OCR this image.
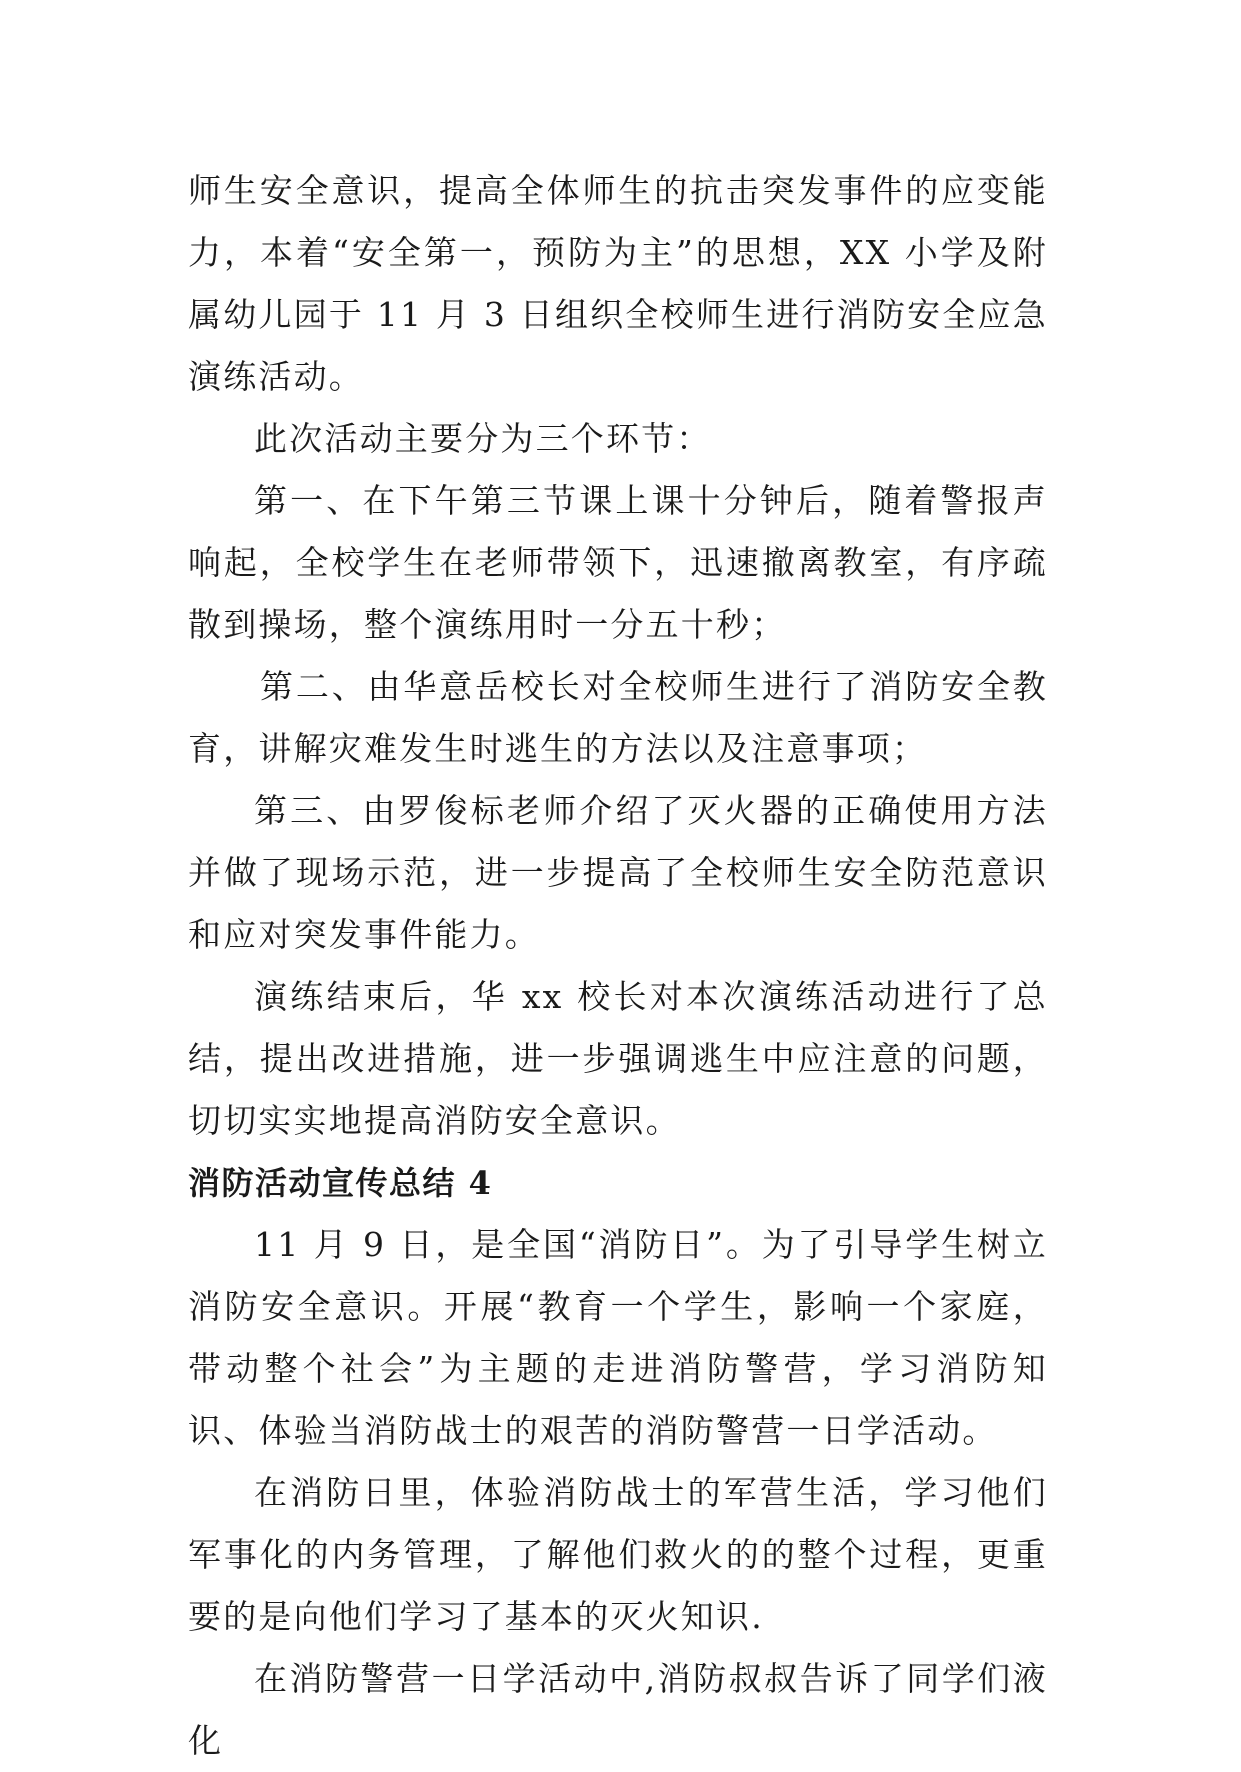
师生安全意识，提高全体师生的抗击突发事件的应变能力，本着“安全第一，预防为主”的思想，XX 小学及附属幼儿园于 11 月 3 日组织全校师生进行消防安全应急演练活动。

此次活动主要分为三个环节：

第一、在下午第三节课上课十分钟后，随着警报声响起，全校学生在老师带领下，迅速撤离教室，有序疏散到操场，整个演练用时一分五十秒；

第二、由华意岳校长对全校师生进行了消防安全教育，讲解灾难发生时逃生的方法以及注意事项；

第三、由罗俊标老师介绍了灭火器的正确使用方法并做了现场示范，进一步提高了全校师生安全防范意识和应对突发事件能力。

演练结束后，华 xx 校长对本次演练活动进行了总结，提出改进措施，进一步强调逃生中应注意的问题，切切实实地提高消防安全意识。

消防活动宣传总结 4

11 月 9 日，是全国“消防日”。为了引导学生树立消防安全意识。开展“教育一个学生，影响一个家庭，带动整个社会”为主题的走进消防警营，学习消防知识、体验当消防战士的艰苦的消防警营一日学活动。

在消防日里，体验消防战士的军营生活，学习他们军事化的内务管理，了解他们救火的的整个过程，更重要的是向他们学习了基本的灭火知识.

在消防警营一日学活动中,消防叔叔告诉了同学们液化
